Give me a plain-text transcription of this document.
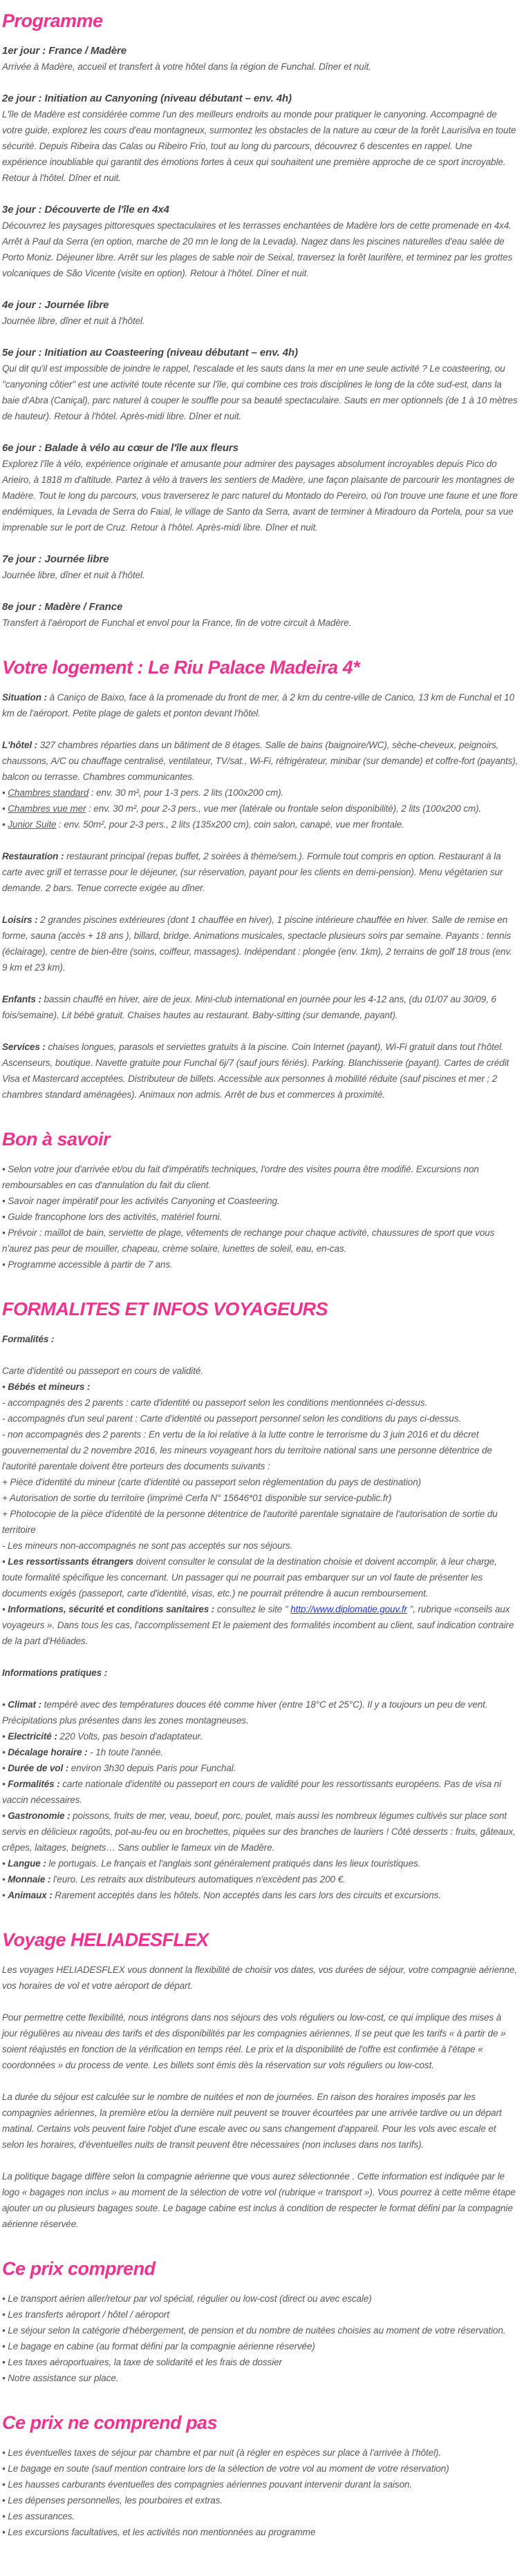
Programme
1er jour : France / Madère

Arrivée à Madère, accueil et transfert à votre hôtel dans la région de Funchal. Dîner et nuit.

2e jour : Initiation au Canyoning (niveau débutant – env. 4h)

L'île de Madère est considérée comme l'un des meilleurs endroits au monde pour pratiquer le canyoning. Accompagné de votre guide, explorez les cours d'eau montagneux, surmontez les obstacles de la nature au cœur de la forêt Laurisilva en toute sécurité. Depuis Ribeira das Calas ou Ribeiro Frio, tout au long du parcours, découvrez 6 descentes en rappel. Une expérience inoubliable qui garantit des émotions fortes à ceux qui souhaitent une première approche de ce sport incroyable. Retour à l'hôtel. Dîner et nuit.

3e jour : Découverte de l'île en 4x4

Découvrez les paysages pittoresques spectaculaires et les terrasses enchantées de Madère lors de cette promenade en 4x4. Arrêt à Paul da Serra (en option, marche de 20 mn le long de la Levada). Nagez dans les piscines naturelles d'eau salée de Porto Moniz. Déjeuner libre. Arrêt sur les plages de sable noir de Seixal, traversez la forêt laurifère, et terminez par les grottes volcaniques de São Vicente (visite en option). Retour à l'hôtel. Dîner et nuit.

4e jour : Journée libre

Journée libre, dîner et nuit à l'hôtel.

5e jour : Initiation au Coasteering (niveau débutant – env. 4h)

Qui dit qu'il est impossible de joindre le rappel, l'escalade et les sauts dans la mer en une seule activité ? Le coasteering, ou "canyoning côtier" est une activité toute récente sur l'île, qui combine ces trois disciplines le long de la côte sud-est, dans la baie d'Abra (Caniçal), parc naturel à couper le souffle pour sa beauté spectaculaire. Sauts en mer optionnels (de 1 à 10 mètres de hauteur). Retour à l'hôtel. Après-midi libre. Dîner et nuit.

6e jour : Balade à vélo au cœur de l'île aux fleurs

Explorez l'île à vélo, expérience originale et amusante pour admirer des paysages absolument incroyables depuis Pico do Arieiro, à 1818 m d'altitude. Partez à vélo à travers les sentiers de Madère, une façon plaisante de parcourir les montagnes de Madère. Tout le long du parcours, vous traverserez le parc naturel du Montado do Pereiro, où l'on trouve une faune et une flore endémiques, la Levada de Serra do Faial, le village de Santo da Serra, avant de terminer à Miradouro da Portela, pour sa vue imprenable sur le port de Cruz. Retour à l'hôtel. Après-midi libre. Dîner et nuit.

7e jour : Journée libre

Journée libre, dîner et nuit à l'hôtel.

8e jour : Madère / France

Transfert à l'aéroport de Funchal et envol pour la France, fin de votre circuit à Madère.

Votre logement : Le Riu Palace Madeira 4*

Situation : à Caniço de Baixo, face à la promenade du front de mer, à 2 km du centre-ville de Canico, 13 km de Funchal et 10 km de l'aéroport. Petite plage de galets et ponton devant l'hôtel.

L'hôtel : 327 chambres réparties dans un bâtiment de 8 étages. Salle de bains (baignoire/WC), sèche-cheveux, peignoirs, chaussons, A/C ou chauffage centralisé, ventilateur, TV/sat., Wi-Fi, réfrigérateur, minibar (sur demande) et coffre-fort (payants), balcon ou terrasse. Chambres communicantes.

• Chambres standard : env. 30 m², pour 1-3 pers. 2 lits (100x200 cm).

• Chambres vue mer : env. 30 m², pour 2-3 pers., vue mer (latérale ou frontale selon disponibilité), 2 lits (100x200 cm).

• Junior Suite : env. 50m², pour 2-3 pers., 2 lits (135x200 cm), coin salon, canapé, vue mer frontale.

Restauration : restaurant principal (repas buffet, 2 soirées à thème/sem.). Formule tout compris en option. Restaurant à la carte avec grill et terrasse pour le déjeuner, (sur réservation, payant pour les clients en demi-pension). Menu végétarien sur demande. 2 bars. Tenue correcte exigée au dîner.

Loisirs : 2 grandes piscines extérieures (dont 1 chauffée en hiver), 1 piscine intérieure chauffée en hiver. Salle de remise en forme, sauna (accès + 18 ans ), billard, bridge. Animations musicales, spectacle plusieurs soirs par semaine. Payants : tennis (éclairage), centre de bien-être (soins, coiffeur, massages). Indépendant : plongée (env. 1km), 2 terrains de golf 18 trous (env. 9 km et 23 km).

Enfants : bassin chauffé en hiver, aire de jeux. Mini-club international en journée pour les 4-12 ans, (du 01/07 au 30/09, 6 fois/semaine). Lit bébé gratuit. Chaises hautes au restaurant. Baby-sitting (sur demande, payant).

Services : chaises longues, parasols et serviettes gratuits à la piscine. Coin Internet (payant), Wi-Fi gratuit dans tout l'hôtel. Ascenseurs, boutique. Navette gratuite pour Funchal 6j/7 (sauf jours fériés). Parking. Blanchisserie (payant). Cartes de crédit Visa et Mastercard acceptées. Distributeur de billets. Accessible aux personnes à mobilité réduite (sauf piscines et mer ; 2 chambres standard aménagées). Animaux non admis. Arrêt de bus et commerces à proximité.

Bon à savoir

• Selon votre jour d'arrivée et/ou du fait d'impératifs techniques, l'ordre des visites pourra être modifié. Excursions non remboursables en cas d'annulation du fait du client.

• Savoir nager impératif pour les activités Canyoning et Coasteering.

• Guide francophone lors des activités, matériel fourni.

• Prévoir : maillot de bain, serviette de plage, vêtements de rechange pour chaque activité, chaussures de sport que vous n'aurez pas peur de mouiller, chapeau, crème solaire, lunettes de soleil, eau, en-cas.

• Programme accessible à partir de 7 ans.

FORMALITES ET INFOS VOYAGEURS

Formalités :

Carte d'identité ou passeport en cours de validité.

• Bébés et mineurs :

- accompagnés des 2 parents : carte d'identité ou passeport selon les conditions mentionnées ci-dessus.

- accompagnés d'un seul parent : Carte d'identité ou passeport personnel selon les conditions du pays ci-dessus.

- non accompagnés des 2 parents : En vertu de la loi relative à la lutte contre le terrorisme du 3 juin 2016 et du décret gouvernemental du 2 novembre 2016, les mineurs voyageant hors du territoire national sans une personne détentrice de l'autorité parentale doivent être porteurs des documents suivants :

+ Pièce d'identité du mineur (carte d'identité ou passeport selon règlementation du pays de destination)

+ Autorisation de sortie du territoire (imprimé Cerfa N° 15646*01 disponible sur service-public.fr)

+ Photocopie de la pièce d'identité de la personne détentrice de l'autorité parentale signataire de l'autorisation de sortie du territoire

- Les mineurs non-accompagnés ne sont pas acceptés sur nos séjours.

• Les ressortissants étrangers doivent consulter le consulat de la destination choisie et doivent accomplir, à leur charge, toute formalité spécifique les concernant. Un passager qui ne pourrait pas embarquer sur un vol faute de présenter les documents exigés (passeport, carte d'identité, visas, etc.) ne pourrait prétendre à aucun remboursement.

• Informations, sécurité et conditions sanitaires : consultez le site " http://www.diplomatie.gouv.fr ", rubrique «conseils aux voyageurs ». Dans tous les cas, l'accomplissement Et le paiement des formalités incombent au client, sauf indication contraire de la part d'Héliades.

Informations pratiques :

• Climat : tempéré avec des températures douces été comme hiver (entre 18°C et 25°C). Il y a toujours un peu de vent. Précipitations plus présentes dans les zones montagneuses.

• Electricité : 220 Volts, pas besoin d'adaptateur.

• Décalage horaire : - 1h toute l'année.

• Durée de vol : environ 3h30 depuis Paris pour Funchal.

• Formalités : carte nationale d'identité ou passeport en cours de validité pour les ressortissants européens. Pas de visa ni vaccin nécessaires.

• Gastronomie : poissons, fruits de mer, veau, boeuf, porc, poulet, mais aussi les nombreux légumes cultivés sur place sont servis en délicieux ragoûts, pot-au-feu ou en brochettes, piquées sur des branches de lauriers ! Côté desserts : fruits, gâteaux, crêpes, laitages, beignets… Sans oublier le fameux vin de Madère.

• Langue : le portugais. Le français et l'anglais sont généralement pratiqués dans les lieux touristiques.

• Monnaie : l'euro. Les retraits aux distributeurs automatiques n'excèdent pas 200 €.

• Animaux : Rarement acceptés dans les hôtels. Non acceptés dans les cars lors des circuits et excursions.

Voyage HELIADESFLEX

Les voyages HELIADESFLEX vous donnent la flexibilité de choisir vos dates, vos durées de séjour, votre compagnie aérienne, vos horaires de vol et votre aéroport de départ.

Pour permettre cette flexibilité, nous intégrons dans nos séjours des vols réguliers ou low-cost, ce qui implique des mises à jour régulières au niveau des tarifs et des disponibilités par les compagnies aériennes. Il se peut que les tarifs « à partir de » soient réajustés en fonction de la vérification en temps réel. Le prix et la disponibilité de l'offre est confirmée à l'étape « coordonnées » du process de vente. Les billets sont émis dès la réservation sur vols réguliers ou low-cost.

La durée du séjour est calculée sur le nombre de nuitées et non de journées. En raison des horaires imposés par les compagnies aériennes, la première et/ou la dernière nuit peuvent se trouver écourtées par une arrivée tardive ou un départ matinal. Certains vols peuvent faire l'objet d'une escale avec ou sans changement d'appareil. Pour les vols avec escale et selon les horaires, d'éventuelles nuits de transit peuvent être nécessaires (non incluses dans nos tarifs).

La politique bagage diffère selon la compagnie aérienne que vous aurez sélectionnée . Cette information est indiquée par le logo « bagages non inclus » au moment de la sélection de votre vol (rubrique « transport »). Vous pourrez à cette même étape ajouter un ou plusieurs bagages soute. Le bagage cabine est inclus à condition de respecter le format défini par la compagnie aérienne réservée.

Ce prix comprend

• Le transport aérien aller/retour par vol spécial, régulier ou low-cost (direct ou avec escale)

• Les transferts aéroport / hôtel / aéroport

• Le séjour selon la catégorie d'hébergement, de pension et du nombre de nuitées choisies au moment de votre réservation.

• Le bagage en cabine (au format défini par la compagnie aérienne réservée)

• Les taxes aéroportuaires, la taxe de solidarité et les frais de dossier

• Notre assistance sur place.

Ce prix ne comprend pas

• Les éventuelles taxes de séjour par chambre et par nuit (à régler en espèces sur place à l'arrivée à l'hôtel).

• Le bagage en soute (sauf mention contraire lors de la sélection de votre vol au moment de votre réservation)

• Les hausses carburants éventuelles des compagnies aériennes pouvant intervenir durant la saison.

• Les dépenses personnelles, les pourboires et extras.

• Les assurances.

• Les excursions facultatives, et les activités non mentionnées au programme
